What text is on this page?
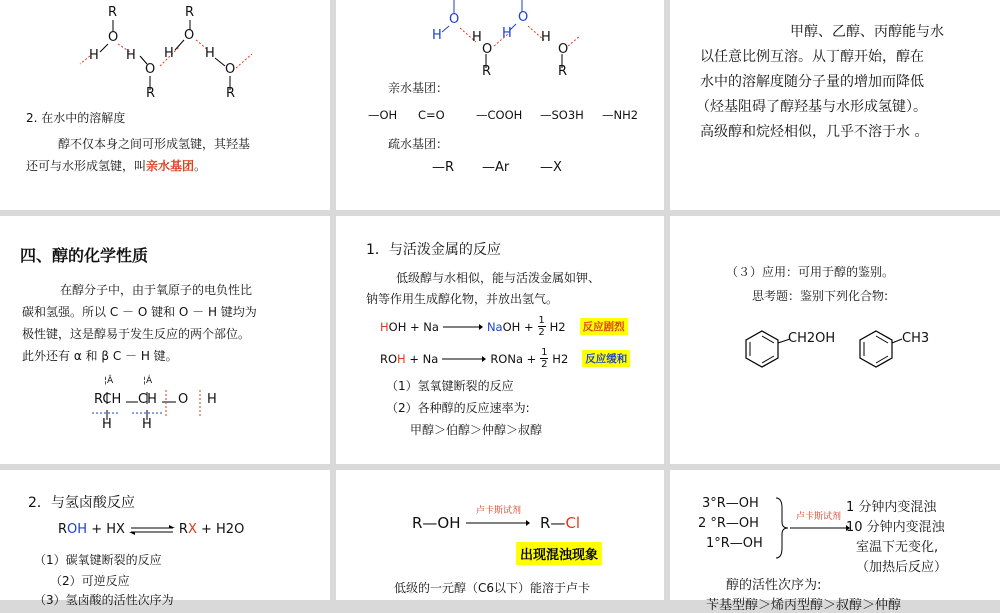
R
O
H H
R
O
H
O
R
H
O
R
2. 在水中的溶解度
醇不仅本身之间可形成氢键，其羟基
还可与水形成氢键，叫亲水基团。
H
O
H
O
H
O
H
O
R	R
亲水基团：
—OH C=O	—COOH —SO3H —NH2
疏水基团：
—R —Ar —X
甲醇、乙醇、丙醇能与水
以任意比例互溶。从丁醇开始，醇在
水中的溶解度随分子量的增加而降低
（烃基阻碍了醇羟基与水形成氢键）。
高级醇和烷烃相似，几乎不溶于水 。
四、醇的化学性质
在醇分子中，由于氧原子的电负性比
碳和氢强。所以 C － O 键和 O － H 键均为
极性键，这是醇易于发生反应的两个部位。
此外还有 α 和 β C － H 键。
¦Â	¦Á
RCH CH O H
H H
1．与活泼金属的反应
低级醇与水相似，能与活泼金属如钾、
钠等作用生成醇化物，并放出氢气。
HOH + Na → NaOH + $\frac{1}{2} H2$ 反应剧烈
ROH + Na → RONa + $\frac{1}{2} H2$ 反应缓和
（1）氢氧键断裂的反应
（2）各种醇的反应速率为:
甲醇＞伯醇＞仲醇＞叔醇
（３）应用：可用于醇的鉴别。
思考题：鉴别下列化合物:
CH2OH	CH3
2．与氢卤酸反应
ROH + HX ⇌ RX + H2O
（1）碳氧键断裂的反应
（2）可逆反应
（3）氢卤酸的活性次序为
R—OH
卢卡斯试剂
→ R—Cl
出现混浊现象
低级的一元醇（C6以下）能溶于卢卡
3°R—OH
2 °R—OH
1°R—OH
卢卡斯试剂
1 分钟内变混浊
10 分钟内变混浊
室温下无变化,
（加热后反应）
醇的活性次序为:
苄基型醇＞烯丙型醇＞叔醇＞仲醇
